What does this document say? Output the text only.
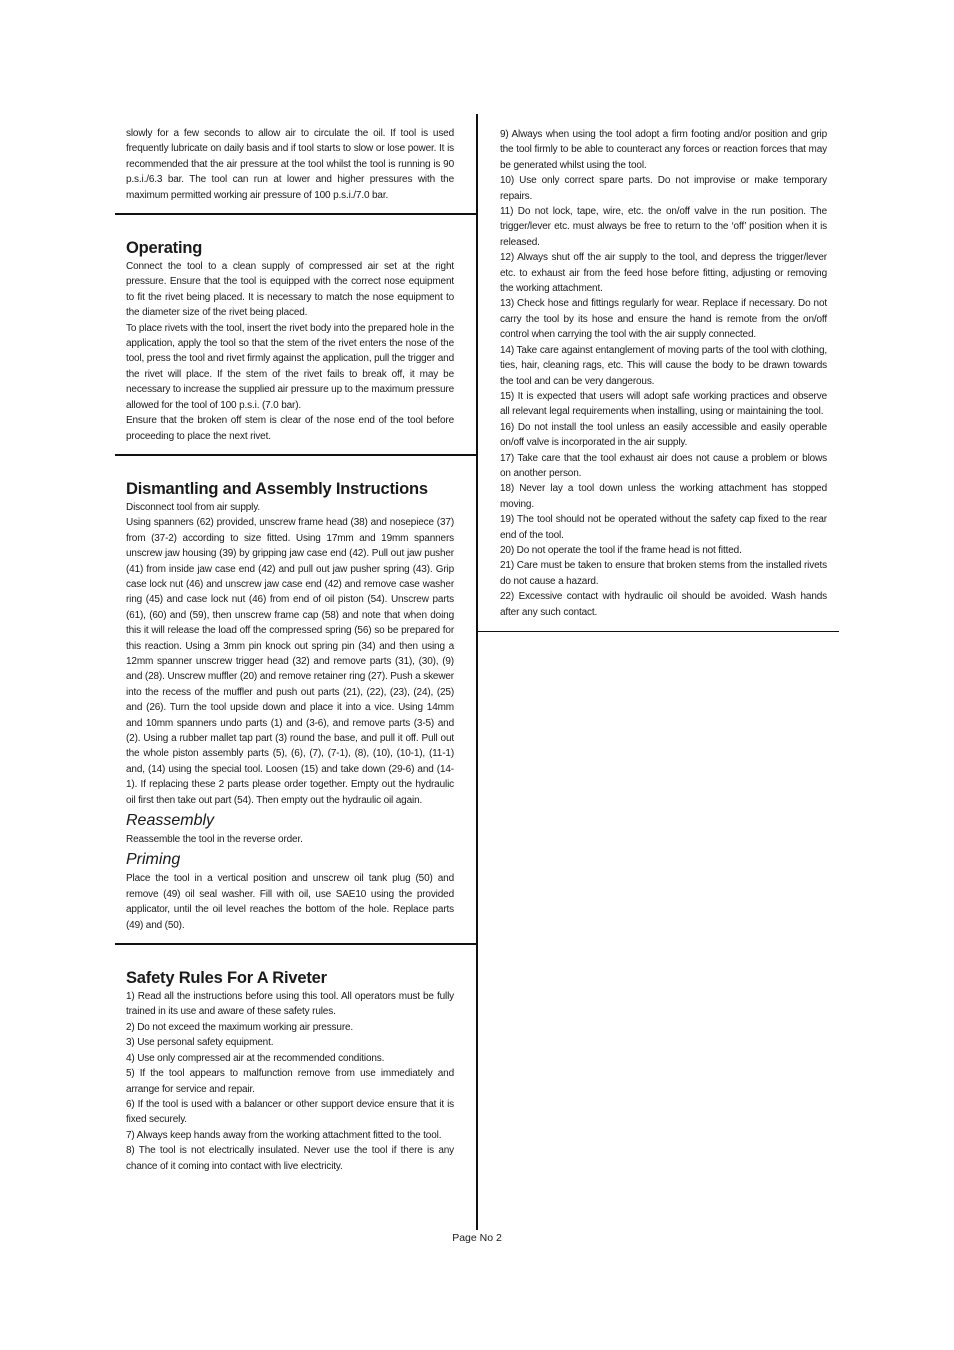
slowly for a few seconds to allow air to circulate the oil. If tool is used frequently lubricate on daily basis and if tool starts to slow or lose power. It is recommended that the air pressure at the tool whilst the tool is running is 90 p.s.i./6.3 bar. The tool can run at lower and higher pressures with the maximum permitted working air pressure of 100 p.s.i./7.0 bar.

Operating

Connect the tool to a clean supply of compressed air set at the right pressure. Ensure that the tool is equipped with the correct nose equipment to fit the rivet being placed. It is necessary to match the nose equipment to the diameter size of the rivet being placed.

To place rivets with the tool, insert the rivet body into the prepared hole in the application, apply the tool so that the stem of the rivet enters the nose of the tool, press the tool and rivet firmly against the application, pull the trigger and the rivet will place. If the stem of the rivet fails to break off, it may be necessary to increase the supplied air pressure up to the maximum pressure allowed for the tool of 100 p.s.i. (7.0 bar).

Ensure that the broken off stem is clear of the nose end of the tool before proceeding to place the next rivet.

Dismantling and Assembly Instructions

Disconnect tool from air supply.

Using spanners (62) provided, unscrew frame head (38) and nosepiece (37) from (37-2) according to size fitted. Using 17mm and 19mm spanners unscrew jaw housing (39) by gripping jaw case end (42). Pull out jaw pusher (41) from inside jaw case end (42) and pull out jaw pusher spring (43). Grip case lock nut (46) and unscrew jaw case end (42) and remove case washer ring (45) and case lock nut (46) from end of oil piston (54). Unscrew parts (61), (60) and (59), then unscrew frame cap (58) and note that when doing this it will release the load off the compressed spring (56) so be prepared for this reaction. Using a 3mm pin knock out spring pin (34) and then using a 12mm spanner unscrew trigger head (32) and remove parts (31), (30), (9) and (28). Unscrew muffler (20) and remove retainer ring (27). Push a skewer into the recess of the muffler and push out parts (21), (22), (23), (24), (25) and (26). Turn the tool upside down and place it into a vice. Using 14mm and 10mm spanners undo parts (1) and (3-6), and remove parts (3-5) and (2). Using a rubber mallet tap part (3) round the base, and pull it off. Pull out the whole piston assembly parts (5), (6), (7), (7-1), (8), (10), (10-1), (11-1) and, (14) using the special tool. Loosen (15) and take down (29-6) and (14-1). If replacing these 2 parts please order together. Empty out the hydraulic oil first then take out part (54). Then empty out the hydraulic oil again.

Reassembly

Reassemble the tool in the reverse order.

Priming

Place the tool in a vertical position and unscrew oil tank plug (50) and remove (49) oil seal washer. Fill with oil, use SAE10 using the provided applicator, until the oil level reaches the bottom of the hole. Replace parts (49) and (50).

Safety Rules For A Riveter

1) Read all the instructions before using this tool. All operators must be fully trained in its use and aware of these safety rules.

2) Do not exceed the maximum working air pressure.

3) Use personal safety equipment.

4) Use only compressed air at the recommended conditions.

5) If the tool appears to malfunction remove from use immediately and arrange for service and repair.

6) If the tool is used with a balancer or other support device ensure that it is fixed securely.

7) Always keep hands away from the working attachment fitted to the tool.

8) The tool is not electrically insulated. Never use the tool if there is any chance of it coming into contact with live electricity.

9) Always when using the tool adopt a firm footing and/or position and grip the tool firmly to be able to counteract any forces or reaction forces that may be generated whilst using the tool.

10) Use only correct spare parts. Do not improvise or make temporary repairs.

11) Do not lock, tape, wire, etc. the on/off valve in the run position. The trigger/lever etc. must always be free to return to the ‘off’ position when it is released.

12) Always shut off the air supply to the tool, and depress the trigger/lever etc. to exhaust air from the feed hose before fitting, adjusting or removing the working attachment.

13) Check hose and fittings regularly for wear. Replace if necessary. Do not carry the tool by its hose and ensure the hand is remote from the on/off control when carrying the tool with the air supply connected.

14) Take care against entanglement of moving parts of the tool with clothing, ties, hair, cleaning rags, etc. This will cause the body to be drawn towards the tool and can be very dangerous.

15) It is expected that users will adopt safe working practices and observe all relevant legal requirements when installing, using or maintaining the tool.

16) Do not install the tool unless an easily accessible and easily operable on/off valve is incorporated in the air supply.

17) Take care that the tool exhaust air does not cause a problem or blows on another person.

18) Never lay a tool down unless the working attachment has stopped moving.

19) The tool should not be operated without the safety cap fixed to the rear end of the tool.

20) Do not operate the tool if the frame head is not fitted.

21) Care must be taken to ensure that broken stems from the installed rivets do not cause a hazard.

22) Excessive contact with hydraulic oil should be avoided. Wash hands after any such contact.

Page No 2
